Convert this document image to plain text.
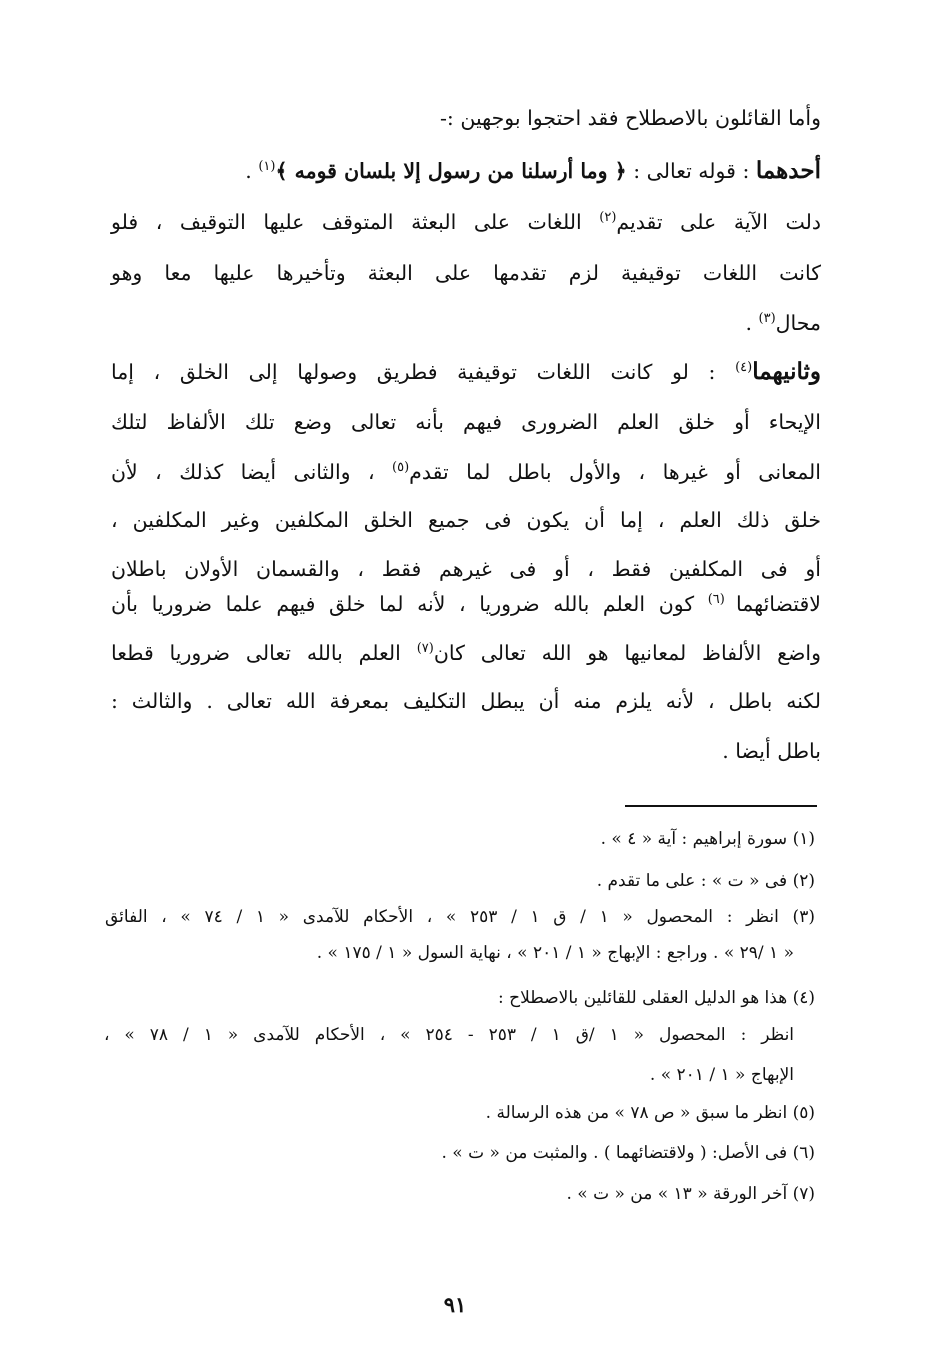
وأما القائلون بالاصطلاح فقد احتجوا بوجهين :-
أحدهما : قوله تعالى : ﴿ وما أرسلنا من رسول إلا بلسان قومه ﴾$^{(١)}$ .
دلت الآية على تقديم$^{(٢)}$ اللغات على البعثة المتوقف عليها التوقيف ، فلو
كانت اللغات توقيفية لزم تقدمها على البعثة وتأخيرها عليها معا وهو
محال$^{(٣)}$ .
وثانيهما$^{(٤)}$ : لو كانت اللغات توقيفية فطريق وصولها إلى الخلق ، إما
الإيحاء أو خلق العلم الضرورى فيهم بأنه تعالى وضع تلك الألفاظ لتلك
المعانى أو غيرها ، والأول باطل لما تقدم$^{(٥)}$ ، والثانى أيضا كذلك ، لأن
خلق ذلك العلم ، إما أن يكون فى جميع الخلق المكلفين وغير المكلفين ،
أو فى المكلفين فقط ، أو فى غيرهم فقط ، والقسمان الأولان باطلان
لاقتضائهما $^{(٦)}$ كون العلم بالله ضروريا ، لأنه لما خلق فيهم علما ضروريا بأن
واضع الألفاظ لمعانيها هو الله تعالى كان$^{(٧)}$ العلم بالله تعالى ضروريا قطعا
لكنه باطل ، لأنه يلزم منه أن يبطل التكليف بمعرفة الله تعالى . والثالث :
باطل أيضا .
(١) سورة إبراهيم : آية « ٤ » .
(٢) فى « ت » : على ما تقدم .
(٣) انظر : المحصول « ١ / ق ١ / ٢٥٣ » ، الأحكام للآمدى « ١ / ٧٤ » ، الفائق
« ١ /٢٩ » . وراجع : الإبهاج « ١ / ٢٠١ » ، نهاية السول « ١ / ١٧٥ » .
(٤) هذا هو الدليل العقلى للقائلين بالاصطلاح :
انظر : المحصول « ١ /ق ١ / ٢٥٣ - ٢٥٤ » ، الأحكام للآمدى « ١ / ٧٨ » ،
الإبهاج « ١ / ٢٠١ » .
(٥) انظر ما سبق « ص ٧٨ » من هذه الرسالة .
(٦) فى الأصل: ( ولاقتضائهما ) . والمثبت من « ت » .
(٧) آخر الورقة « ١٣ » من « ت » .
٩١
